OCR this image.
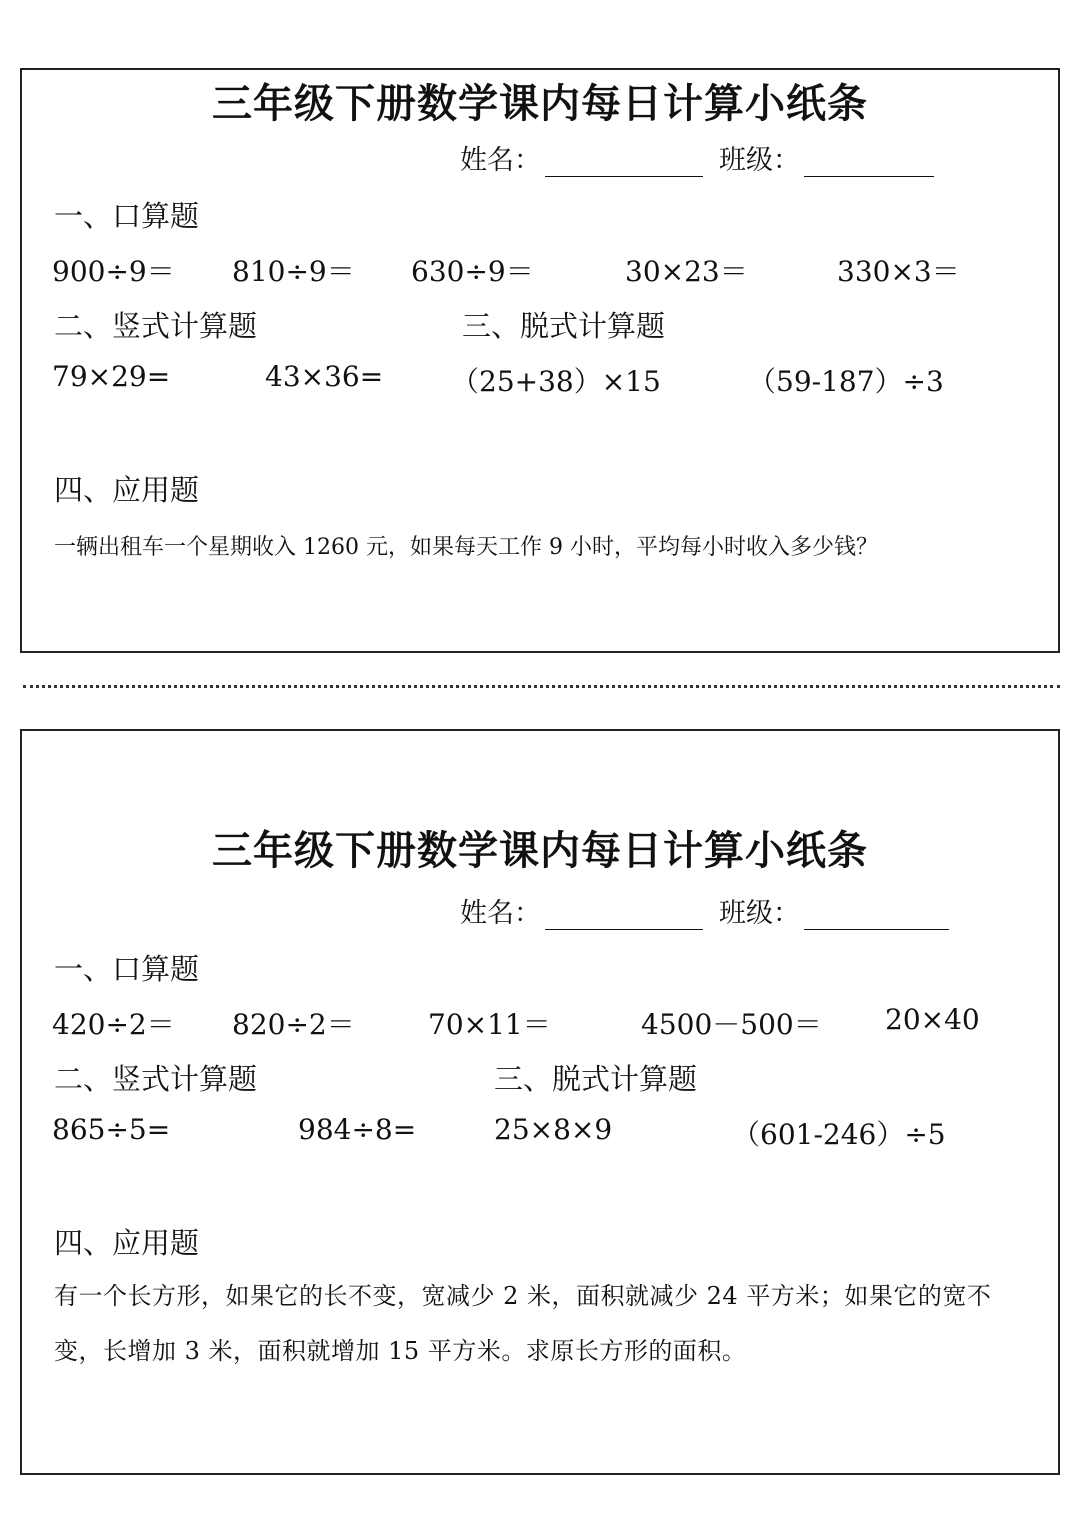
三年级下册数学课内每日计算小纸条
姓名：	班级：
一、口算题
900÷9＝ 810÷9＝ 630÷9＝	30×23＝	330×3＝
二、竖式计算题	三、脱式计算题
79×29=	43×36= （25+38）×15	（59-187）÷3
四、应用题

一辆出租车一个星期收入 1260 元，如果每天工作 9 小时，平均每小时收入多少钱？

三年级下册数学课内每日计算小纸条
姓名：	班级：
一、口算题
420÷2＝ 820÷2＝	70×11＝	4500－500＝ 20×40
二、竖式计算题	三、脱式计算题
865÷5=	984÷8=	25×8×9	（601-246）÷5
四、应用题

有一个长方形，如果它的长不变，宽减少 2 米，面积就减少 24 平方米；如果它的宽不变，长增加 3 米，面积就增加 15 平方米。求原长方形的面积。
